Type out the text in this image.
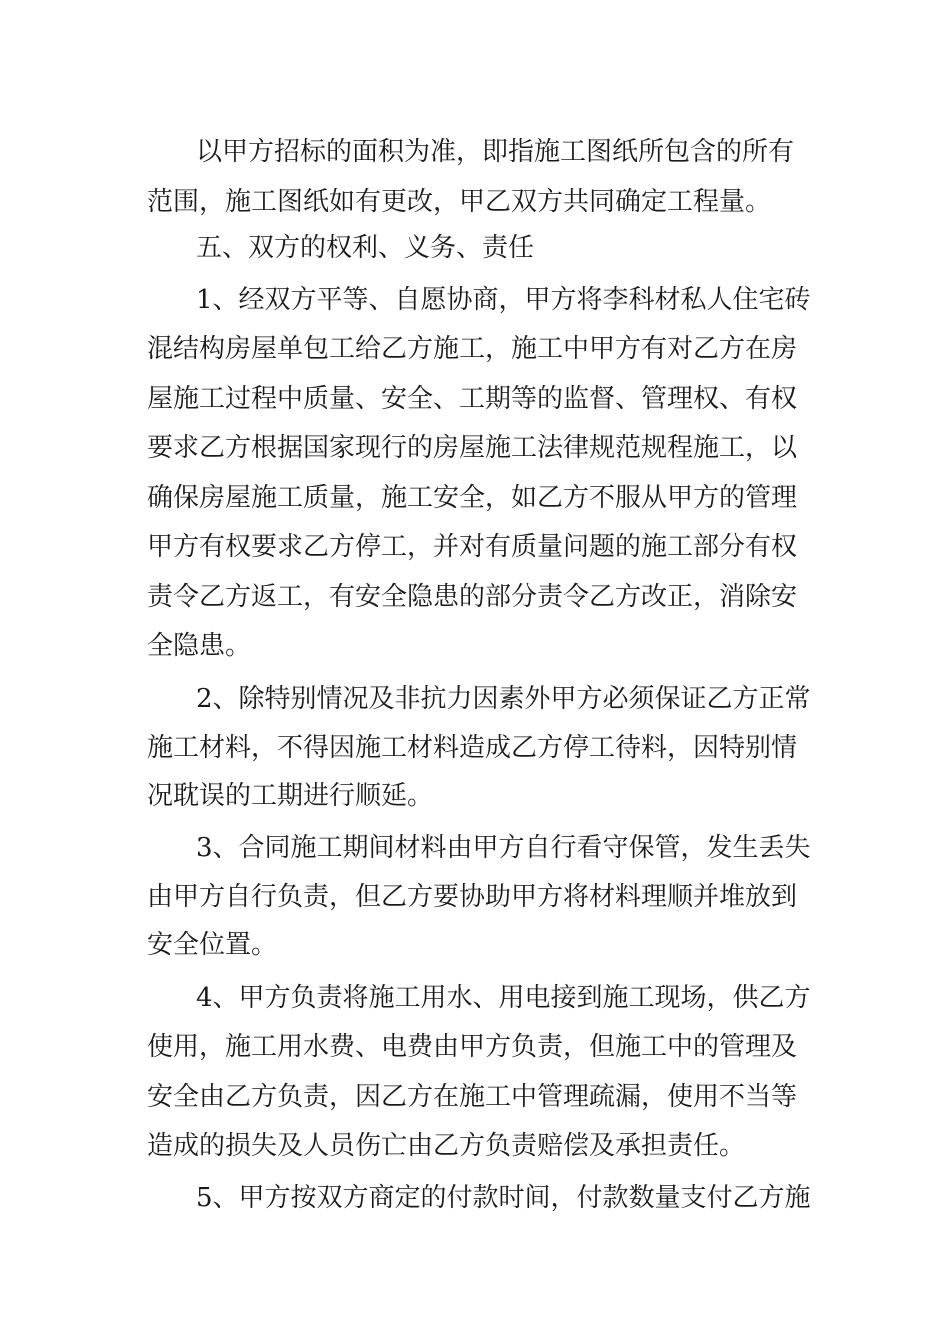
以甲方招标的面积为准，即指施工图纸所包含的所有
范围，施工图纸如有更改，甲乙双方共同确定工程量。
五、双方的权利、义务、责任
1、经双方平等、自愿协商，甲方将李科材私人住宅砖
混结构房屋单包工给乙方施工，施工中甲方有对乙方在房
屋施工过程中质量、安全、工期等的监督、管理权、有权
要求乙方根据国家现行的房屋施工法律规范规程施工，以
确保房屋施工质量，施工安全，如乙方不服从甲方的管理
甲方有权要求乙方停工，并对有质量问题的施工部分有权
责令乙方返工，有安全隐患的部分责令乙方改正，消除安
全隐患。
2、除特别情况及非抗力因素外甲方必须保证乙方正常
施工材料，不得因施工材料造成乙方停工待料，因特别情
况耽误的工期进行顺延。
3、合同施工期间材料由甲方自行看守保管，发生丢失
由甲方自行负责，但乙方要协助甲方将材料理顺并堆放到
安全位置。
4、甲方负责将施工用水、用电接到施工现场，供乙方
使用，施工用水费、电费由甲方负责，但施工中的管理及
安全由乙方负责，因乙方在施工中管理疏漏，使用不当等
造成的损失及人员伤亡由乙方负责赔偿及承担责任。
5、甲方按双方商定的付款时间，付款数量支付乙方施
